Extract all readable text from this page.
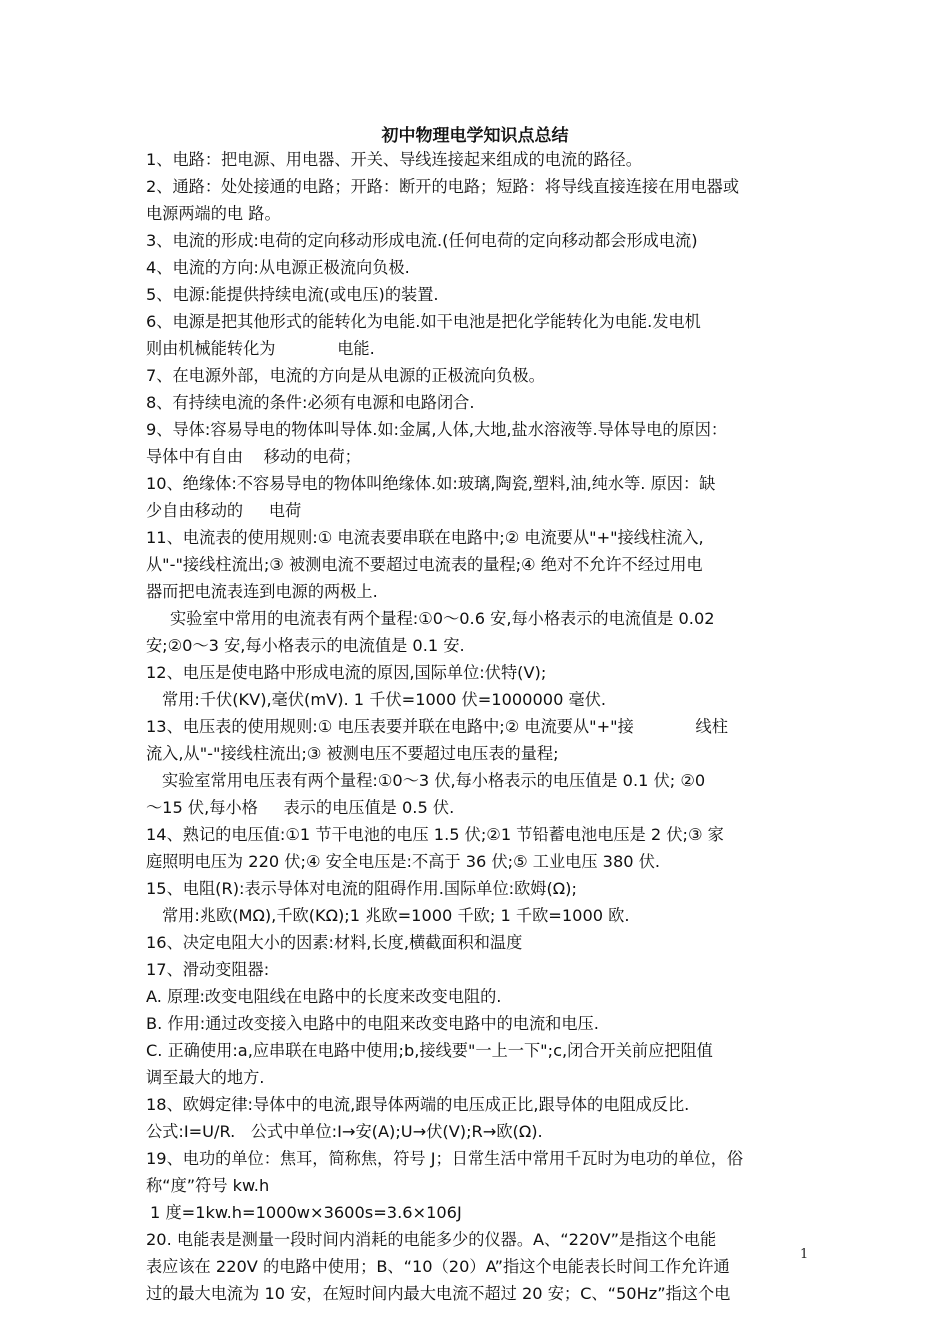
初中物理电学知识点总结
1、电路：把电源、用电器、开关、导线连接起来组成的电流的路径。
2、通路：处处接通的电路；开路：断开的电路；短路：将导线直接连接在用电器或
电源两端的电 路。
3、电流的形成:电荷的定向移动形成电流.(任何电荷的定向移动都会形成电流)
4、电流的方向:从电源正极流向负极.
5、电源:能提供持续电流(或电压)的装置.
6、电源是把其他形式的能转化为电能.如干电池是把化学能转化为电能.发电机
则由机械能转化为            电能.
7、在电源外部，电流的方向是从电源的正极流向负极。
8、有持续电流的条件:必须有电源和电路闭合.
9、导体:容易导电的物体叫导体.如:金属,人体,大地,盐水溶液等.导体导电的原因：
导体中有自由    移动的电荷；
10、绝缘体:不容易导电的物体叫绝缘体.如:玻璃,陶瓷,塑料,油,纯水等. 原因：缺
少自由移动的     电荷
11、电流表的使用规则:① 电流表要串联在电路中;② 电流要从"+"接线柱流入,
从"-"接线柱流出;③ 被测电流不要超过电流表的量程;④ 绝对不允许不经过用电
器而把电流表连到电源的两极上.
实验室中常用的电流表有两个量程:①0～0.6 安,每小格表示的电流值是 0.02
安;②0～3 安,每小格表示的电流值是 0.1 安.
12、电压是使电路中形成电流的原因,国际单位:伏特(V);
常用:千伏(KV),毫伏(mV). 1 千伏=1000 伏=1000000 毫伏.
13、电压表的使用规则:① 电压表要并联在电路中;② 电流要从"+"接            线柱
流入,从"-"接线柱流出;③ 被测电压不要超过电压表的量程;
实验室常用电压表有两个量程:①0～3 伏,每小格表示的电压值是 0.1 伏; ②0
～15 伏,每小格     表示的电压值是 0.5 伏.
14、熟记的电压值:①1 节干电池的电压 1.5 伏;②1 节铅蓄电池电压是 2 伏;③ 家
庭照明电压为 220 伏;④ 安全电压是:不高于 36 伏;⑤ 工业电压 380 伏.
15、电阻(R):表示导体对电流的阻碍作用.国际单位:欧姆(Ω);
常用:兆欧(MΩ),千欧(KΩ);1 兆欧=1000 千欧; 1 千欧=1000 欧.
16、决定电阻大小的因素:材料,长度,横截面积和温度
17、滑动变阻器:
A. 原理:改变电阻线在电路中的长度来改变电阻的.
B. 作用:通过改变接入电路中的电阻来改变电路中的电流和电压.
C. 正确使用:a,应串联在电路中使用;b,接线要"一上一下";c,闭合开关前应把阻值
调至最大的地方.
18、欧姆定律:导体中的电流,跟导体两端的电压成正比,跟导体的电阻成反比.
公式:I=U/R.   公式中单位:I→安(A);U→伏(V);R→欧(Ω).
19、电功的单位：焦耳，简称焦，符号 J；日常生活中常用千瓦时为电功的单位，俗
称“度”符号 kw.h
1 度=1kw.h=1000w×3600s=3.6×106J
20. 电能表是测量一段时间内消耗的电能多少的仪器。A、“220V”是指这个电能
表应该在 220V 的电路中使用；B、“10（20）A”指这个电能表长时间工作允许通
过的最大电流为 10 安，在短时间内最大电流不超过 20 安；C、“50Hz”指这个电
1
